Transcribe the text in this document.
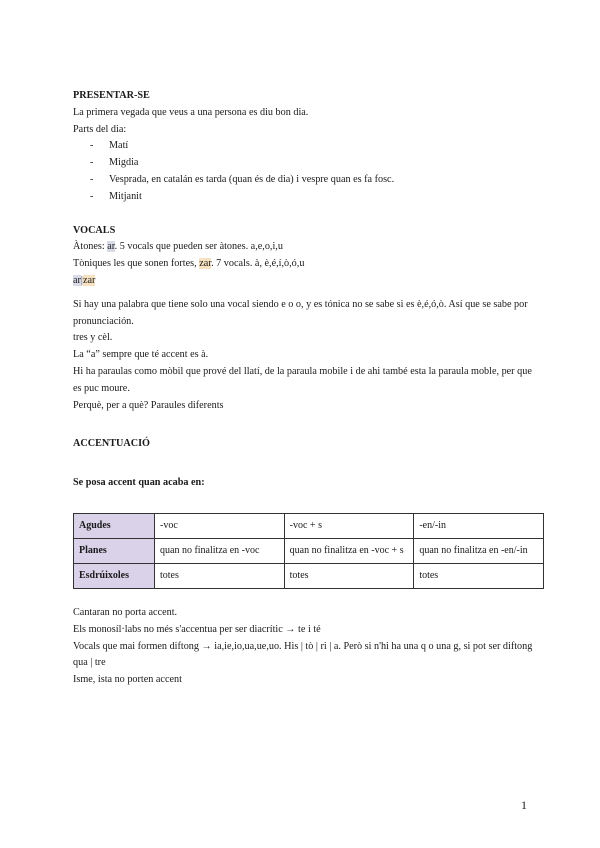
PRESENTAR-SE

La primera vegada que veus a una persona es diu bon dia.

Parts del dia:

- Matí
- Migdia
- Vesprada, en catalán es tarda (quan és de dia) i vespre quan es fa fosc.
- Mitjanit

VOCALS

Àtones: ar. 5 vocals que pueden ser àtones. a,e,o,i,u

Tòniques les que sonen fortes, zar. 7 vocals. à, è,é,í,ò,ó,u

ar|zar

Si hay una palabra que tiene solo una vocal siendo e o o, y es tónica no se sabe si es è,é,ó,ò. Así que se sabe por pronunciación.

tres y cèl.

La “a” sempre que té accent es à.

Hi ha paraulas como mòbil que prové del llatí, de la paraula mobile i de ahi també esta la paraula moble, per que es puc moure.

Perquè, per a què? Paraules diferents

ACCENTUACIÓ

Se posa accent quan acaba en:

Agudes	-voc	-voc + s	-en/-in
Planes	quan no finalitza en -voc	quan no finalitza en -voc + s	quan no finalitza en -en/-in
Esdrúixoles	totes	totes	totes

Cantaran no porta accent.

Els monosíl·labs no més s'accentua per ser diacrític → te i té

Vocals que mai formen diftong → ia,ie,io,ua,ue,uo. His | tò | ri | a. Però si n'hi ha una q o una g, si pot ser diftong qua | tre

Isme, ista no porten accent

1
